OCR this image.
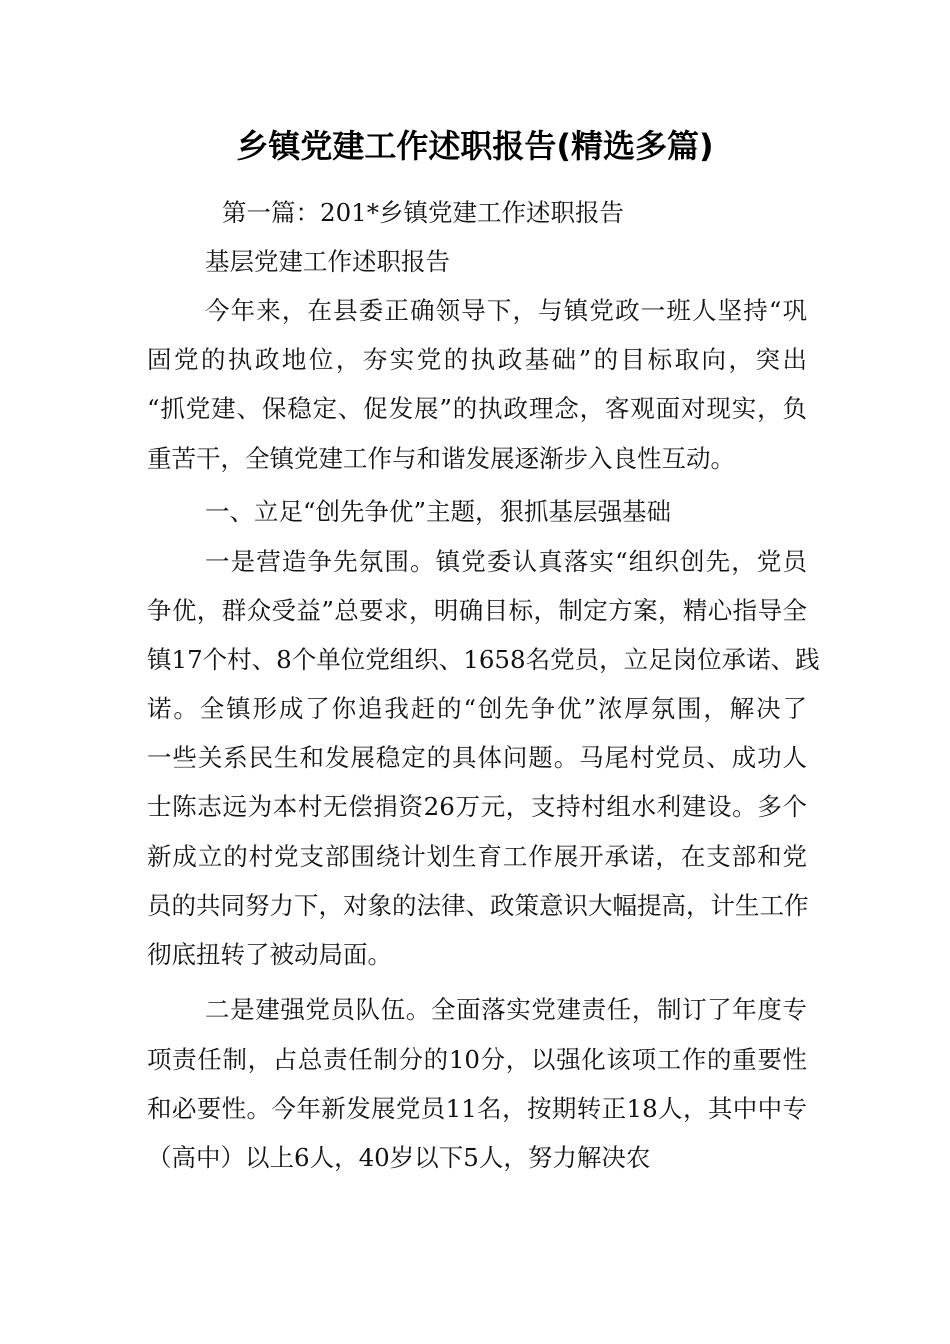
乡镇党建工作述职报告(精选多篇)
第一篇：201*乡镇党建工作述职报告
基层党建工作述职报告
今年来，在县委正确领导下，与镇党政一班人坚持“巩
固党的执政地位，夯实党的执政基础”的目标取向，突出
“抓党建、保稳定、促发展”的执政理念，客观面对现实，负
重苦干，全镇党建工作与和谐发展逐渐步入良性互动。
一、立足“创先争优”主题，狠抓基层强基础
一是营造争先氛围。镇党委认真落实“组织创先，党员
争优，群众受益”总要求，明确目标，制定方案，精心指导全
镇17个村、8个单位党组织、1658名党员，立足岗位承诺、践
诺。全镇形成了你追我赶的“创先争优”浓厚氛围，解决了
一些关系民生和发展稳定的具体问题。马尾村党员、成功人
士陈志远为本村无偿捐资26万元，支持村组水利建设。多个
新成立的村党支部围绕计划生育工作展开承诺，在支部和党
员的共同努力下，对象的法律、政策意识大幅提高，计生工作
彻底扭转了被动局面。
二是建强党员队伍。全面落实党建责任，制订了年度专
项责任制，占总责任制分的10分，以强化该项工作的重要性
和必要性。今年新发展党员11名，按期转正18人，其中中专
（高中）以上6人，40岁以下5人，努力解决农
